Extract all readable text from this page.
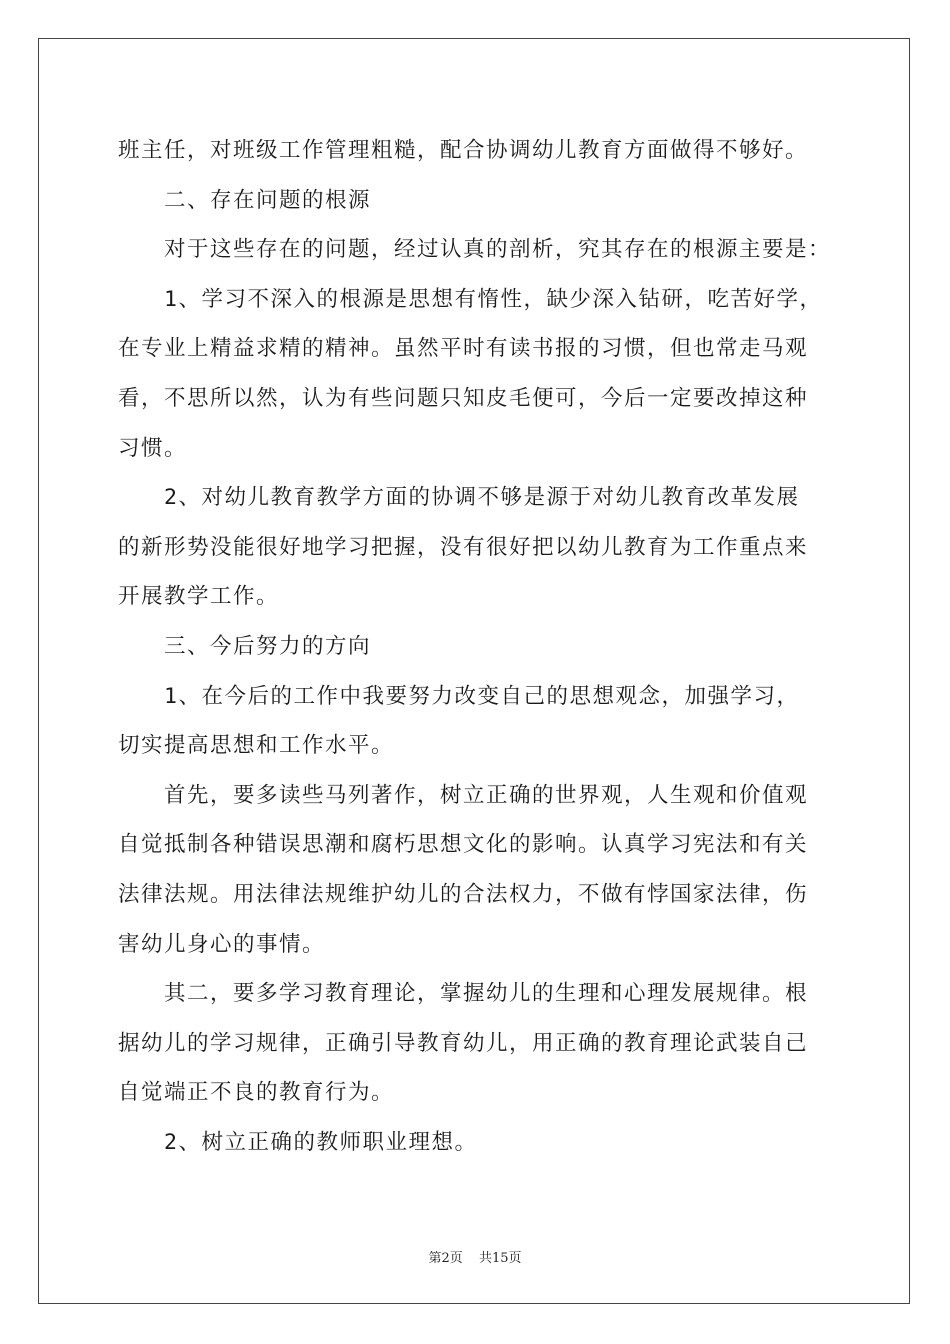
班主任，对班级工作管理粗糙，配合协调幼儿教育方面做得不够好。
二、存在问题的根源
对于这些存在的问题，经过认真的剖析，究其存在的根源主要是：
1、学习不深入的根源是思想有惰性，缺少深入钻研，吃苦好学，
在专业上精益求精的精神。虽然平时有读书报的习惯，但也常走马观
看，不思所以然，认为有些问题只知皮毛便可，今后一定要改掉这种
习惯。
2、对幼儿教育教学方面的协调不够是源于对幼儿教育改革发展
的新形势没能很好地学习把握，没有很好把以幼儿教育为工作重点来
开展教学工作。
三、今后努力的方向
1、在今后的工作中我要努力改变自己的思想观念，加强学习，
切实提高思想和工作水平。
首先，要多读些马列著作，树立正确的世界观，人生观和价值观
自觉抵制各种错误思潮和腐朽思想文化的影响。认真学习宪法和有关
法律法规。用法律法规维护幼儿的合法权力，不做有悖国家法律，伤
害幼儿身心的事情。
其二，要多学习教育理论，掌握幼儿的生理和心理发展规律。根
据幼儿的学习规律，正确引导教育幼儿，用正确的教育理论武装自己
自觉端正不良的教育行为。
2、树立正确的教师职业理想。
第2页 共15页
